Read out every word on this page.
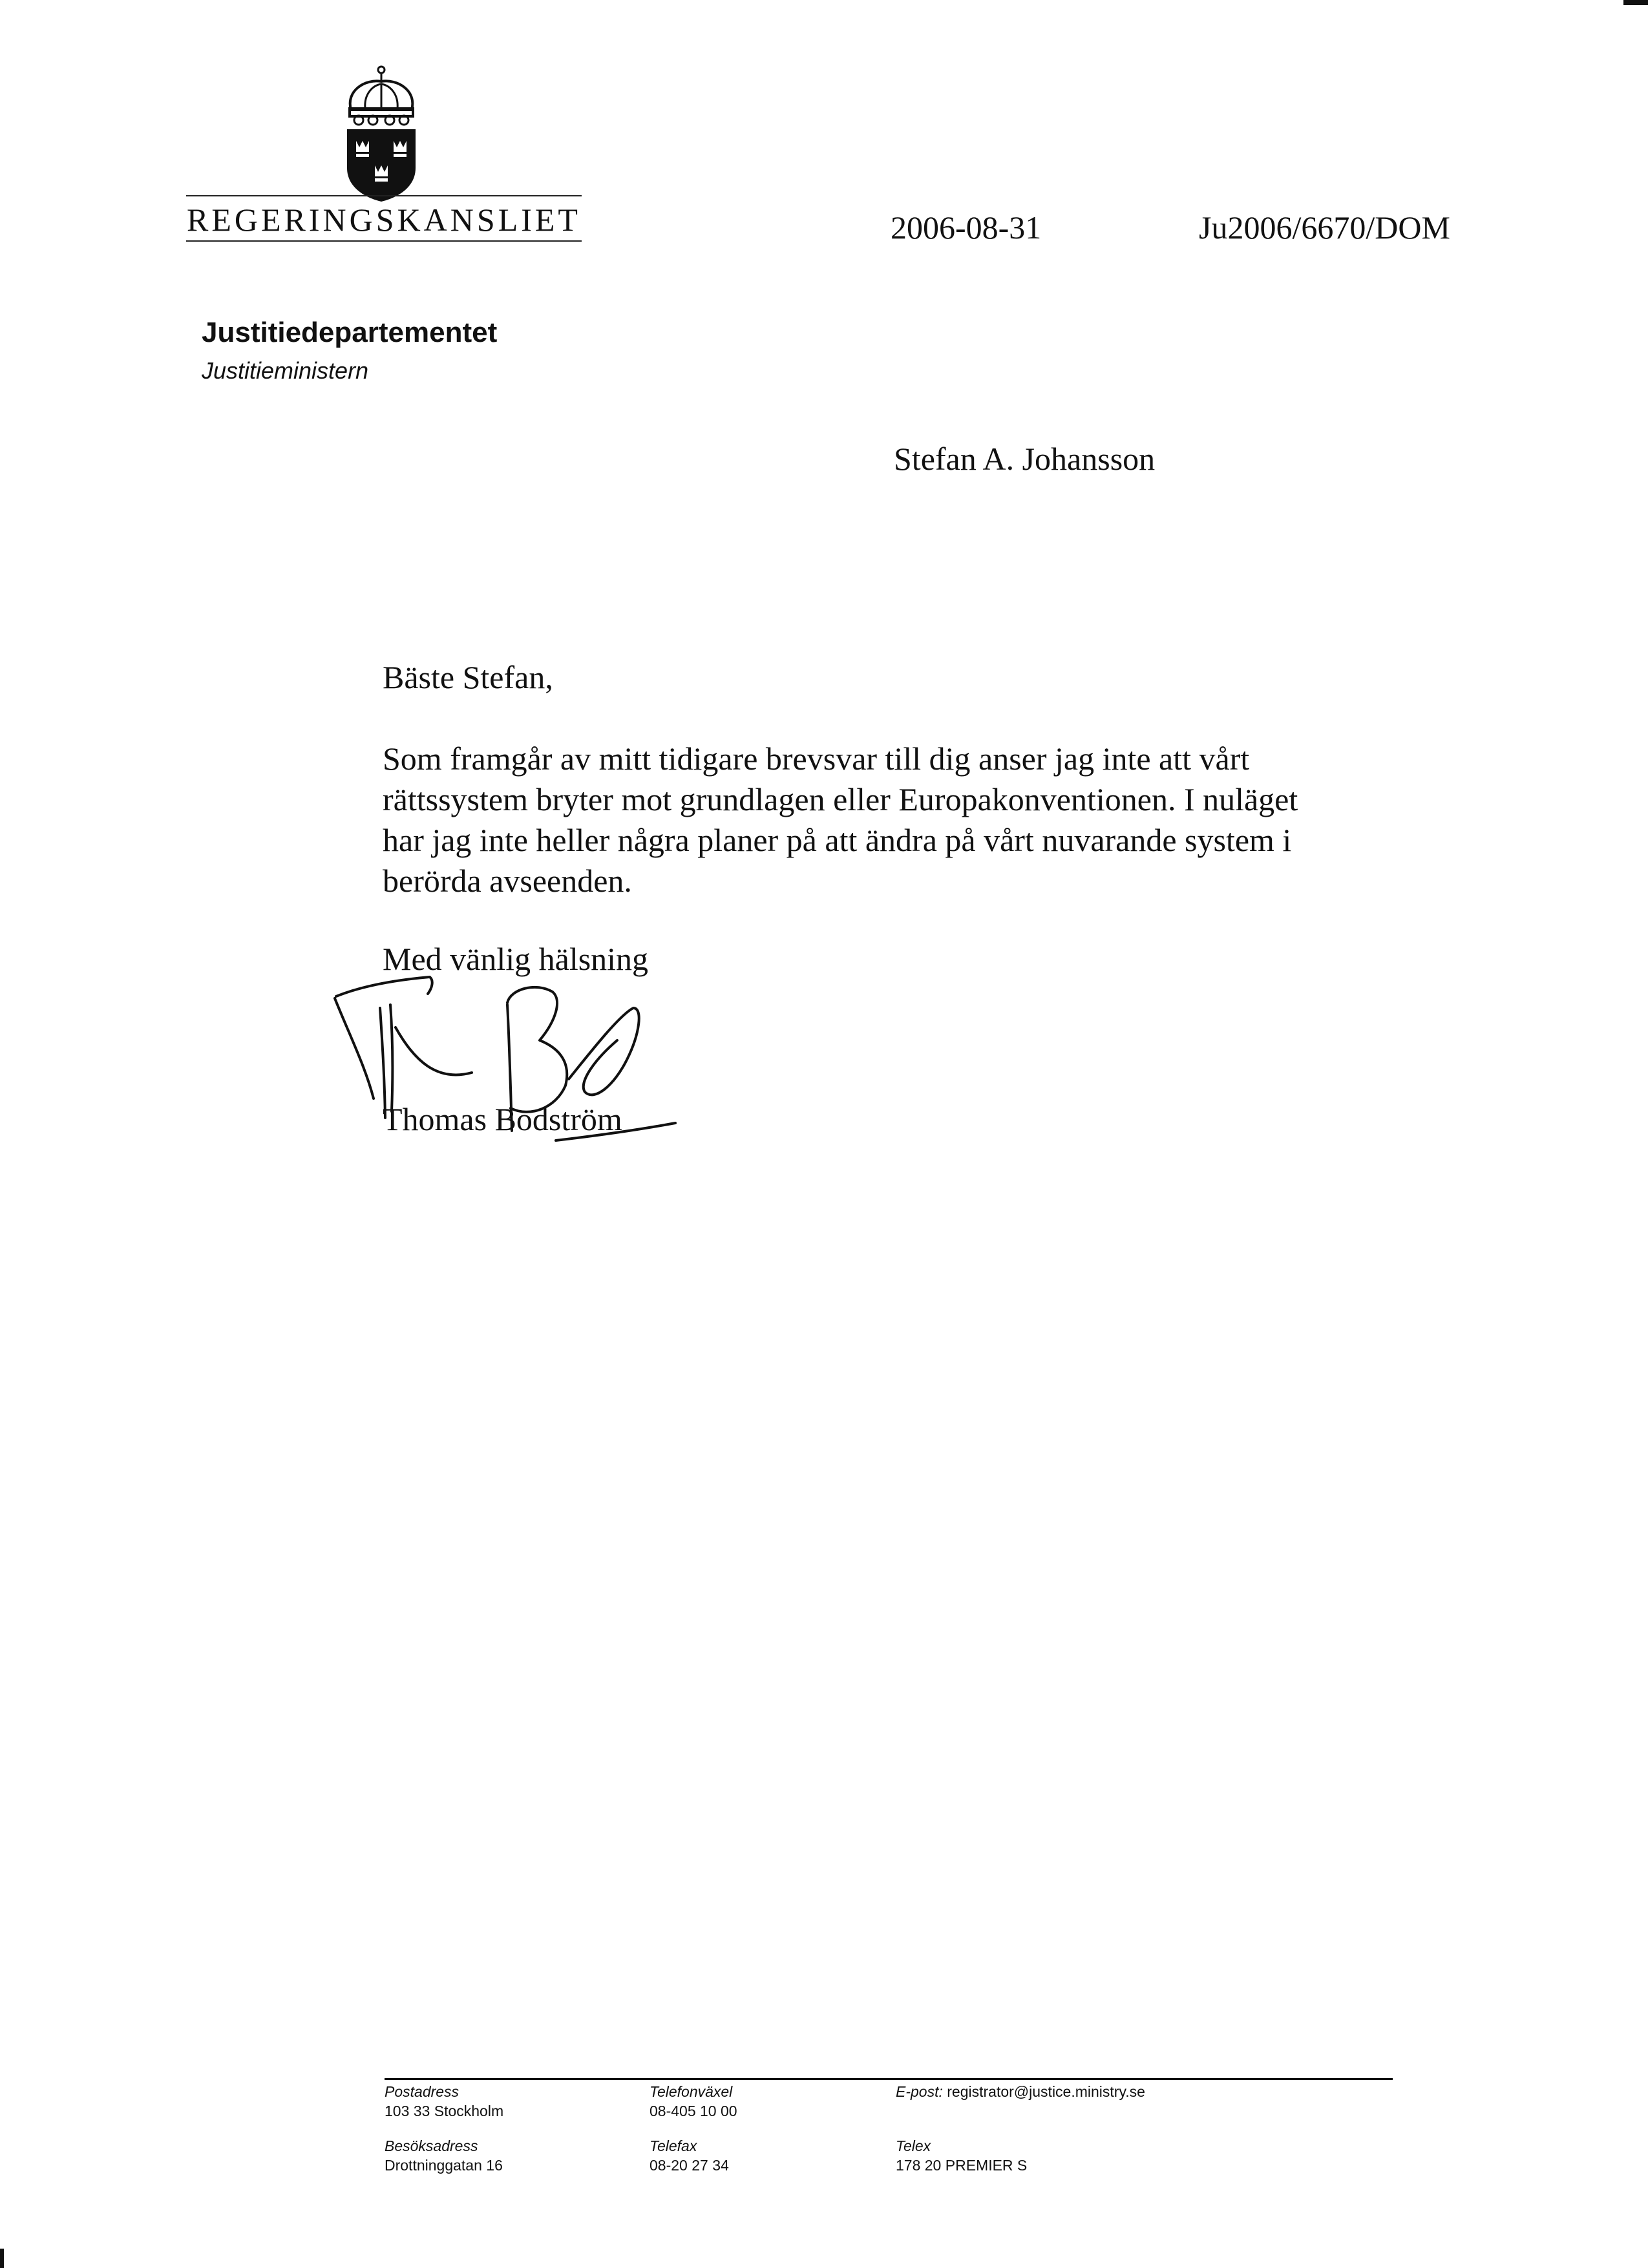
REGERINGSKANSLIET	2006-08-31	Ju2006/6670/DOM
Justitiedepartementet
Justitieministern
Stefan A. Johansson
Bäste Stefan,
Som framgår av mitt tidigare brevsvar till dig anser jag inte att vårt
rättssystem bryter mot grundlagen eller Europakonventionen. I nuläget
har jag inte heller några planer på att ändra på vårt nuvarande system i
berörda avseenden.
Med vänlig hälsning
Thomas Bodström
Postadress
103 33 Stockholm
Besöksadress
Drottninggatan 16
Telefonväxel
08-405 10 00
Telefax
08-20 27 34
E-post: registrator@justice.ministry.se
Telex
178 20 PREMIER S
